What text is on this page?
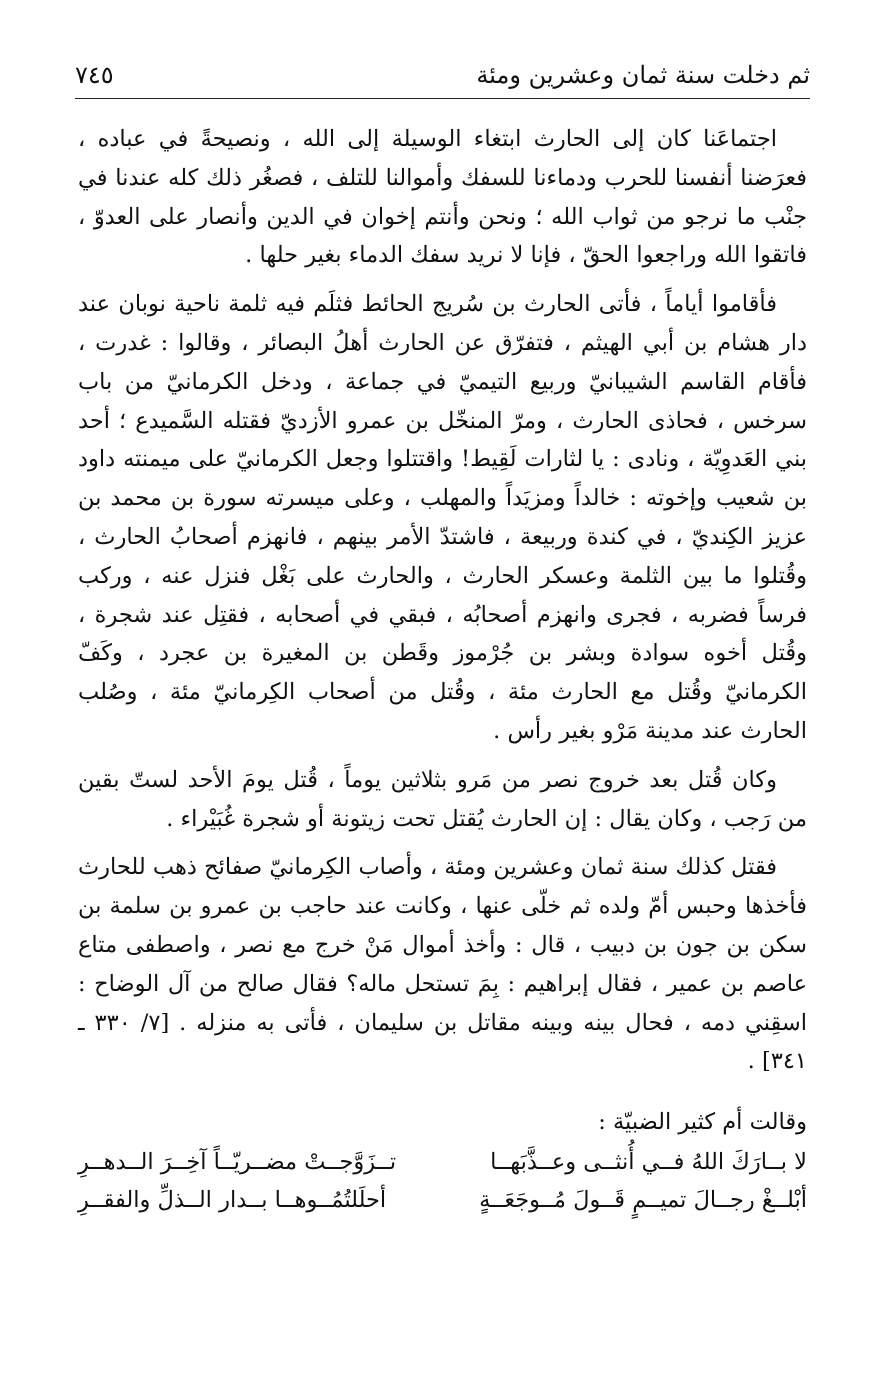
ثم دخلت سنة ثمان وعشرين ومئة
٧٤٥

اجتماعَنا كان إلى الحارث ابتغاء الوسيلة إلى الله ، ونصيحةً في عباده ، فعرَضنا أنفسنا للحرب ودماءنا للسفك وأموالنا للتلف ، فصغُر ذلك كله عندنا في جنْب ما نرجو من ثواب الله ؛ ونحن وأنتم إخوان في الدين وأنصار على العدوّ ، فاتقوا الله وراجعوا الحقّ ، فإنا لا نريد سفك الدماء بغير حلها .

فأقاموا أياماً ، فأتى الحارث بن سُريج الحائط فثلَم فيه ثلمة ناحية نوبان عند دار هشام بن أبي الهيثم ، فتفرّق عن الحارث أهلُ البصائر ، وقالوا : غدرت ، فأقام القاسم الشيبانيّ وربيع التيميّ في جماعة ، ودخل الكرمانيّ من باب سرخس ، فحاذى الحارث ، ومرّ المنخّل بن عمرو الأزديّ فقتله السَّميدع ؛ أحد بني العَدوِيّة ، ونادى : يا لثارات لَقِيط! واقتتلوا وجعل الكرمانيّ على ميمنته داود بن شعيب وإخوته : خالداً ومزيَداً والمهلب ، وعلى ميسرته سورة بن محمد بن عزيز الكِنديّ ، في كندة وربيعة ، فاشتدّ الأمر بينهم ، فانهزم أصحابُ الحارث ، وقُتلوا ما بين الثلمة وعسكر الحارث ، والحارث على بَغْل فنزل عنه ، وركب فرساً فضربه ، فجرى وانهزم أصحابُه ، فبقي في أصحابه ، فقتِل عند شجرة ، وقُتل أخوه سوادة وبشر بن جُرْموز وقَطن بن المغيرة بن عجرد ، وكَفّ الكرمانيّ وقُتل مع الحارث مئة ، وقُتل من أصحاب الكِرمانيّ مئة ، وصُلب الحارث عند مدينة مَرْو بغير رأس .

وكان قُتل بعد خروج نصر من مَرو بثلاثين يوماً ، قُتل يومَ الأحد لستّ بقين من رَجب ، وكان يقال : إن الحارث يُقتل تحت زيتونة أو شجرة غُبَيْراء .

فقتل كذلك سنة ثمان وعشرين ومئة ، وأصاب الكِرمانيّ صفائح ذهب للحارث فأخذها وحبس أمّ ولده ثم خلّى عنها ، وكانت عند حاجب بن عمرو بن سلمة بن سكن بن جون بن دبيب ، قال : وأخذ أموال مَنْ خرج مع نصر ، واصطفى متاع عاصم بن عمير ، فقال إبراهيم : بِمَ تستحل ماله؟ فقال صالح من آل الوضاح : اسقِني دمه ، فحال بينه وبينه مقاتل بن سليمان ، فأتى به منزله . [٧/ ٣٣٠ ـ ٣٤١] .

وقالت أم كثير الضبيّة :
لا بــارَكَ اللهُ فــي أُنثــى وعــذَّبَهــا
تــزَوَّجــتْ مضــريّــاً آخِــرَ الــدهــرِ
أبْلــغْ رجــالَ تميــمٍ قَــولَ مُــوجَعَــةٍ
أحلَلتُمُــوهــا بــدار الــذلِّ والفقــرِ
